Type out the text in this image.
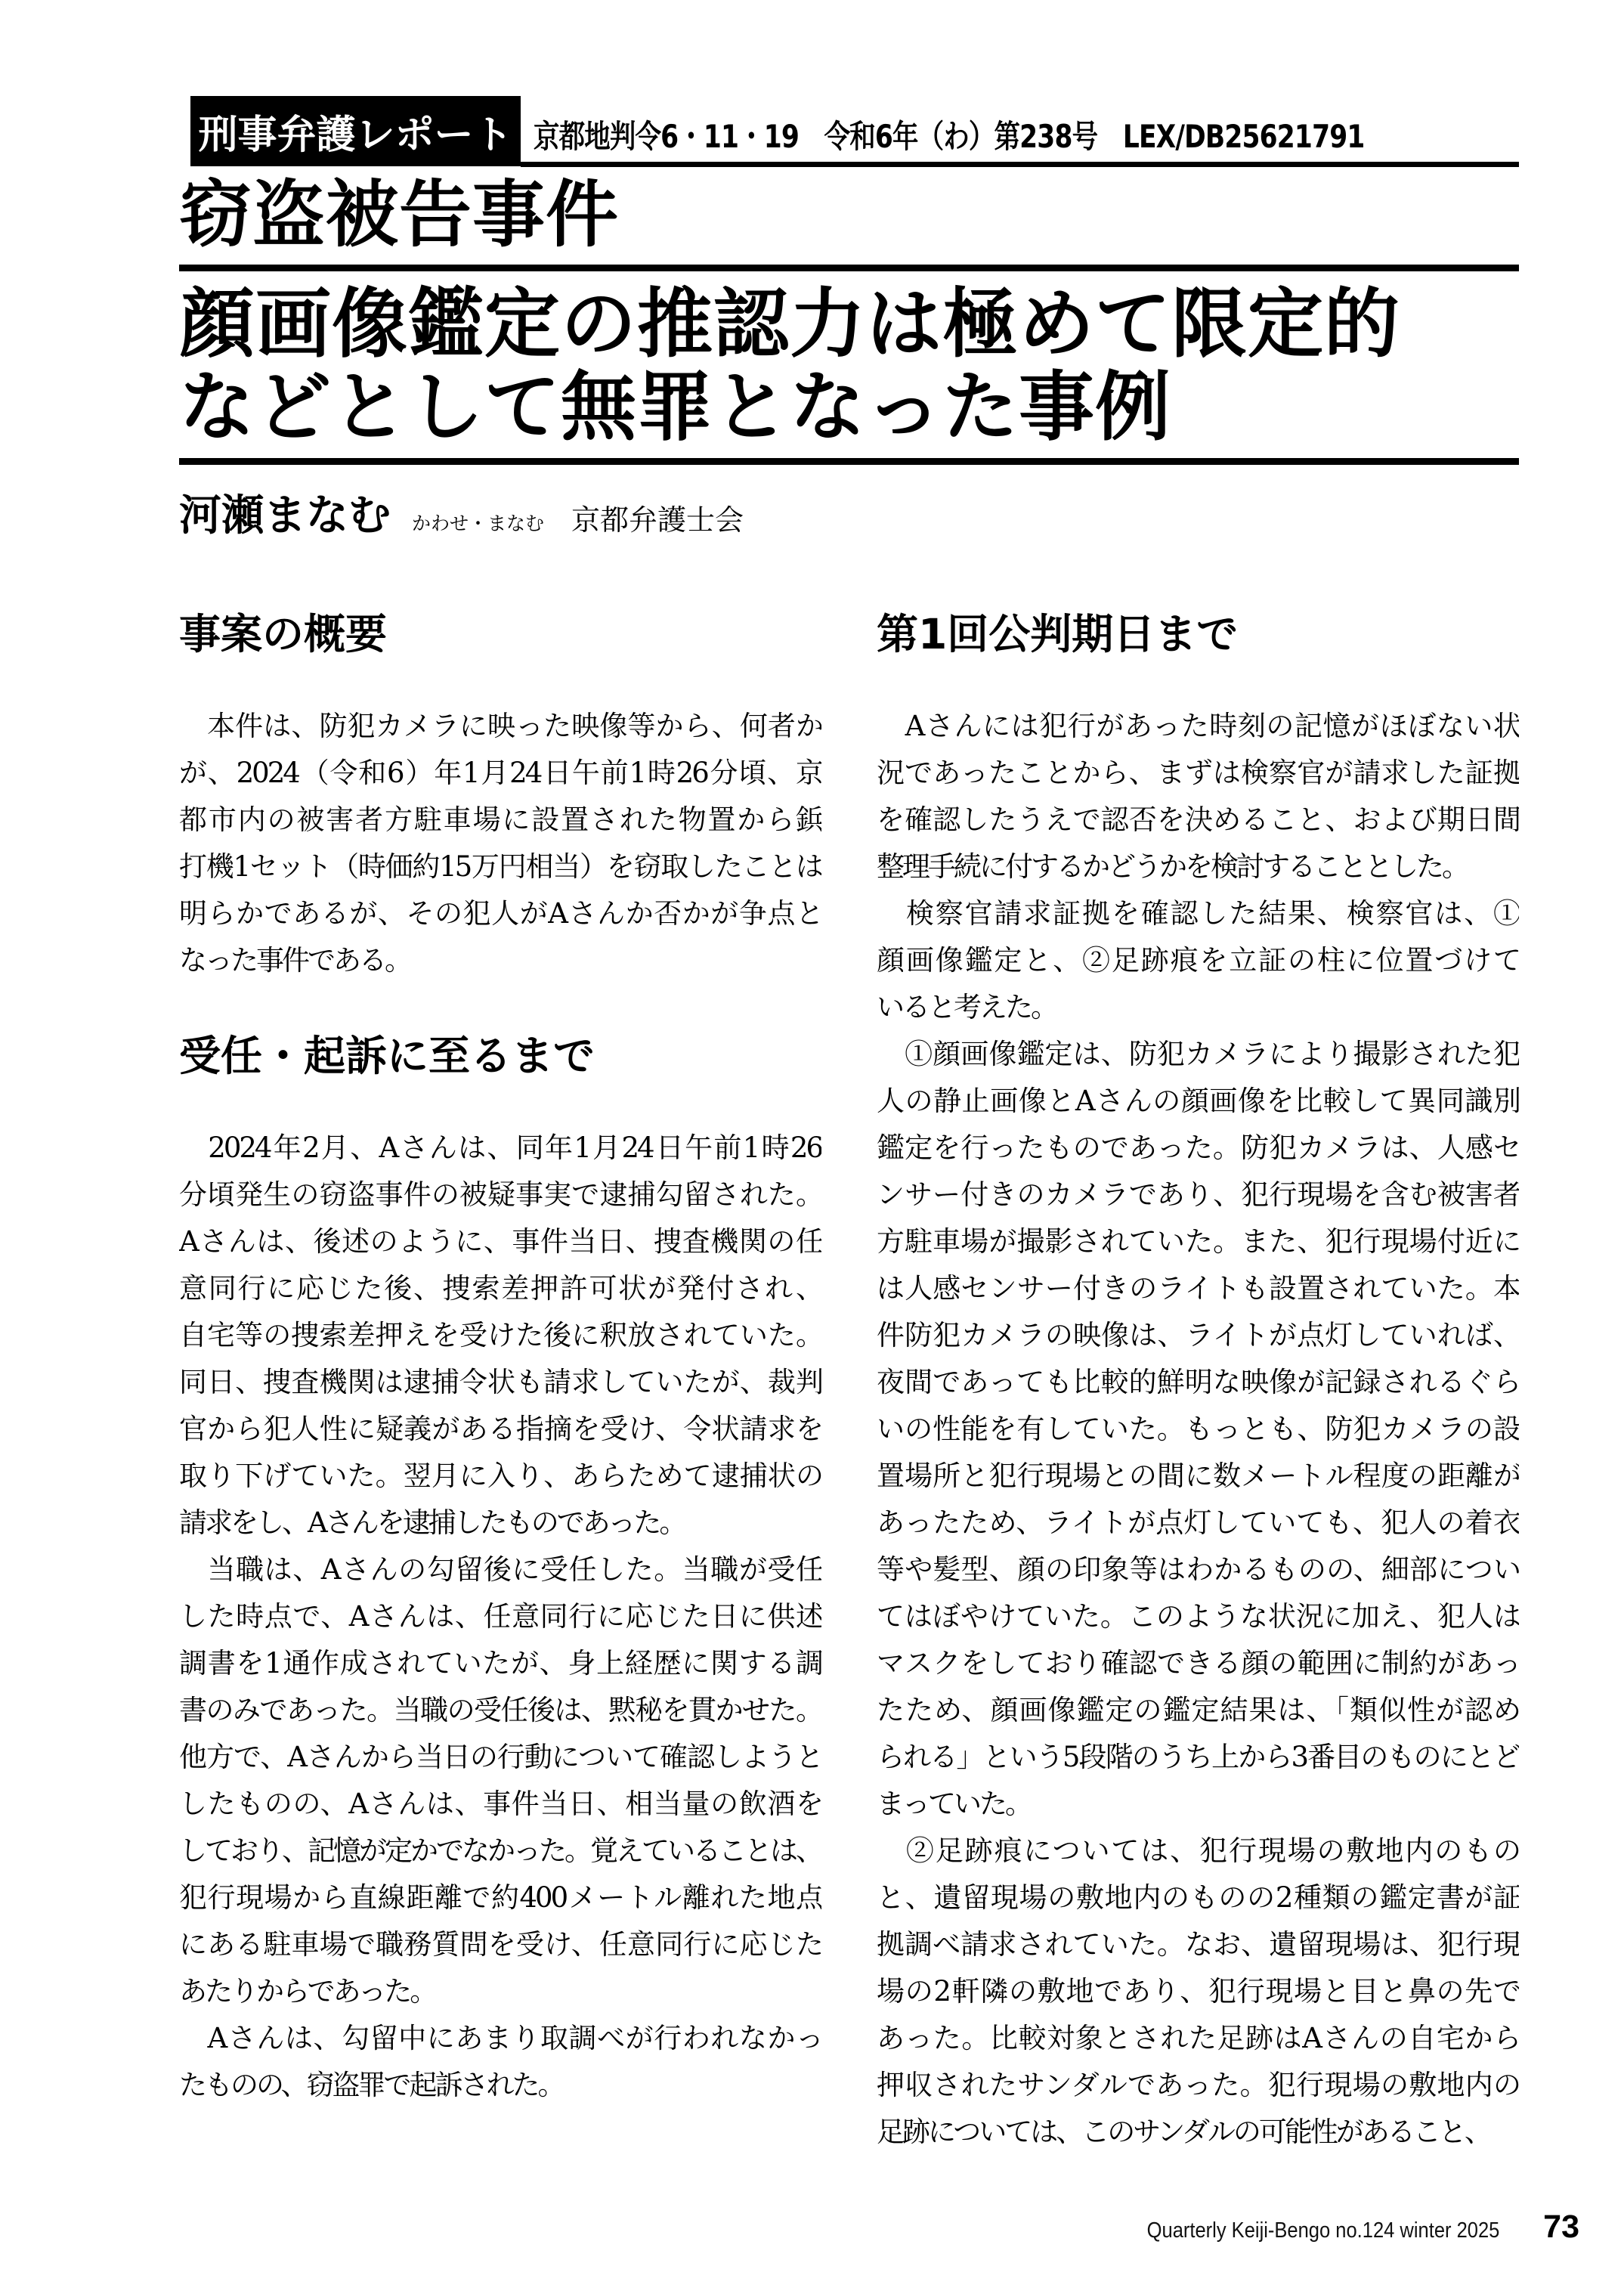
刑事弁護レポート 京都地判令6・11・19　令和6年（わ）第238号　LEX/DB25621791
窃盗被告事件
顔画像鑑定の推認力は極めて限定的
などとして無罪となった事例
河瀬まなむ かわせ・まなむ 京都弁護士会
事案の概要
　本件は、防犯カメラに映った映像等から、何者か
が、2024（令和6）年1月24日午前1時26分頃、京
都市内の被害者方駐車場に設置された物置から鋲
打機1セット（時価約15万円相当）を窃取したことは
明らかであるが、その犯人がAさんか否かが争点と
なった事件である。
受任・起訴に至るまで
　2024年2月、Aさんは、同年1月24日午前1時26
分頃発生の窃盗事件の被疑事実で逮捕勾留された。
Aさんは、後述のように、事件当日、捜査機関の任
意同行に応じた後、捜索差押許可状が発付され、
自宅等の捜索差押えを受けた後に釈放されていた。
同日、捜査機関は逮捕令状も請求していたが、裁判
官から犯人性に疑義がある指摘を受け、令状請求を
取り下げていた。翌月に入り、あらためて逮捕状の
請求をし、Aさんを逮捕したものであった。
　当職は、Aさんの勾留後に受任した。当職が受任
した時点で、Aさんは、任意同行に応じた日に供述
調書を1通作成されていたが、身上経歴に関する調
書のみであった。当職の受任後は、黙秘を貫かせた。
他方で、Aさんから当日の行動について確認しようと
したものの、Aさんは、事件当日、相当量の飲酒を
しており、記憶が定かでなかった。覚えていることは、
犯行現場から直線距離で約400メートル離れた地点
にある駐車場で職務質問を受け、任意同行に応じた
あたりからであった。
　Aさんは、勾留中にあまり取調べが行われなかっ
たものの、窃盗罪で起訴された。
第1回公判期日まで
　Aさんには犯行があった時刻の記憶がほぼない状
況であったことから、まずは検察官が請求した証拠
を確認したうえで認否を決めること、および期日間
整理手続に付するかどうかを検討することとした。
　検察官請求証拠を確認した結果、検察官は、①
顔画像鑑定と、②足跡痕を立証の柱に位置づけて
いると考えた。
　①顔画像鑑定は、防犯カメラにより撮影された犯
人の静止画像とAさんの顔画像を比較して異同識別
鑑定を行ったものであった。防犯カメラは、人感セ
ンサー付きのカメラであり、犯行現場を含む被害者
方駐車場が撮影されていた。また、犯行現場付近に
は人感センサー付きのライトも設置されていた。本
件防犯カメラの映像は、ライトが点灯していれば、
夜間であっても比較的鮮明な映像が記録されるぐら
いの性能を有していた。もっとも、防犯カメラの設
置場所と犯行現場との間に数メートル程度の距離が
あったため、ライトが点灯していても、犯人の着衣
等や髪型、顔の印象等はわかるものの、細部につい
てはぼやけていた。このような状況に加え、犯人は
マスクをしており確認できる顔の範囲に制約があっ
たため、顔画像鑑定の鑑定結果は、「類似性が認め
られる」という5段階のうち上から3番目のものにとど
まっていた。
　②足跡痕については、犯行現場の敷地内のもの
と、遺留現場の敷地内のものの2種類の鑑定書が証
拠調べ請求されていた。なお、遺留現場は、犯行現
場の2軒隣の敷地であり、犯行現場と目と鼻の先で
あった。比較対象とされた足跡はAさんの自宅から
押収されたサンダルであった。犯行現場の敷地内の
足跡については、このサンダルの可能性があること、
Quarterly Keiji-Bengo no.124 winter 2025 73
